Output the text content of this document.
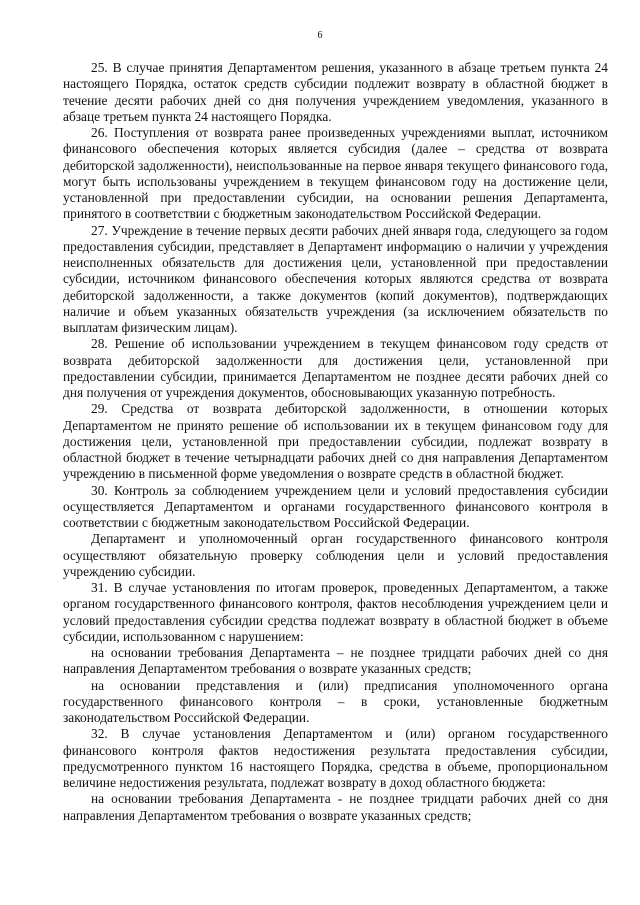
6

25. В случае принятия Департаментом решения, указанного в абзаце третьем пункта 24 настоящего Порядка, остаток средств субсидии подлежит возврату в областной бюджет в течение десяти рабочих дней со дня получения учреждением уведомления, указанного в абзаце третьем пункта 24 настоящего Порядка.

26. Поступления от возврата ранее произведенных учреждениями выплат, источником финансового обеспечения которых является субсидия (далее – средства от возврата дебиторской задолженности), неиспользованные на первое января текущего финансового года, могут быть использованы учреждением в текущем финансовом году на достижение цели, установленной при предоставлении субсидии, на основании решения Департамента, принятого в соответствии с бюджетным законодательством Российской Федерации.

27. Учреждение в течение первых десяти рабочих дней января года, следующего за годом предоставления субсидии, представляет в Департамент информацию о наличии у учреждения неисполненных обязательств для достижения цели, установленной при предоставлении субсидии, источником финансового обеспечения которых являются средства от возврата дебиторской задолженности, а также документов (копий документов), подтверждающих наличие и объем указанных обязательств учреждения (за исключением обязательств по выплатам физическим лицам).

28. Решение об использовании учреждением в текущем финансовом году средств от возврата дебиторской задолженности для достижения цели, установленной при предоставлении субсидии, принимается Департаментом не позднее десяти рабочих дней со дня получения от учреждения документов, обосновывающих указанную потребность.

29. Средства от возврата дебиторской задолженности, в отношении которых Департаментом не принято решение об использовании их в текущем финансовом году для достижения цели, установленной при предоставлении субсидии, подлежат возврату в областной бюджет в течение четырнадцати рабочих дней со дня направления Департаментом учреждению в письменной форме уведомления о возврате средств в областной бюджет.

30. Контроль за соблюдением учреждением цели и условий предоставления субсидии осуществляется Департаментом и органами государственного финансового контроля в соответствии с бюджетным законодательством Российской Федерации.

Департамент и уполномоченный орган государственного финансового контроля осуществляют обязательную проверку соблюдения цели и условий предоставления учреждению субсидии.

31. В случае установления по итогам проверок, проведенных Департаментом, а также органом государственного финансового контроля, фактов несоблюдения учреждением цели и условий предоставления субсидии средства подлежат возврату в областной бюджет в объеме субсидии, использованном с нарушением:

на основании требования Департамента – не позднее тридцати рабочих дней со дня направления Департаментом требования о возврате указанных средств;

на основании представления и (или) предписания уполномоченного органа государственного финансового контроля – в сроки, установленные бюджетным законодательством Российской Федерации.

32. В случае установления Департаментом и (или) органом государственного финансового контроля фактов недостижения результата предоставления субсидии, предусмотренного пунктом 16 настоящего Порядка, средства в объеме, пропорциональном величине недостижения результата, подлежат возврату в доход областного бюджета:

на основании требования Департамента - не позднее тридцати рабочих дней со дня направления Департаментом требования о возврате указанных средств;
